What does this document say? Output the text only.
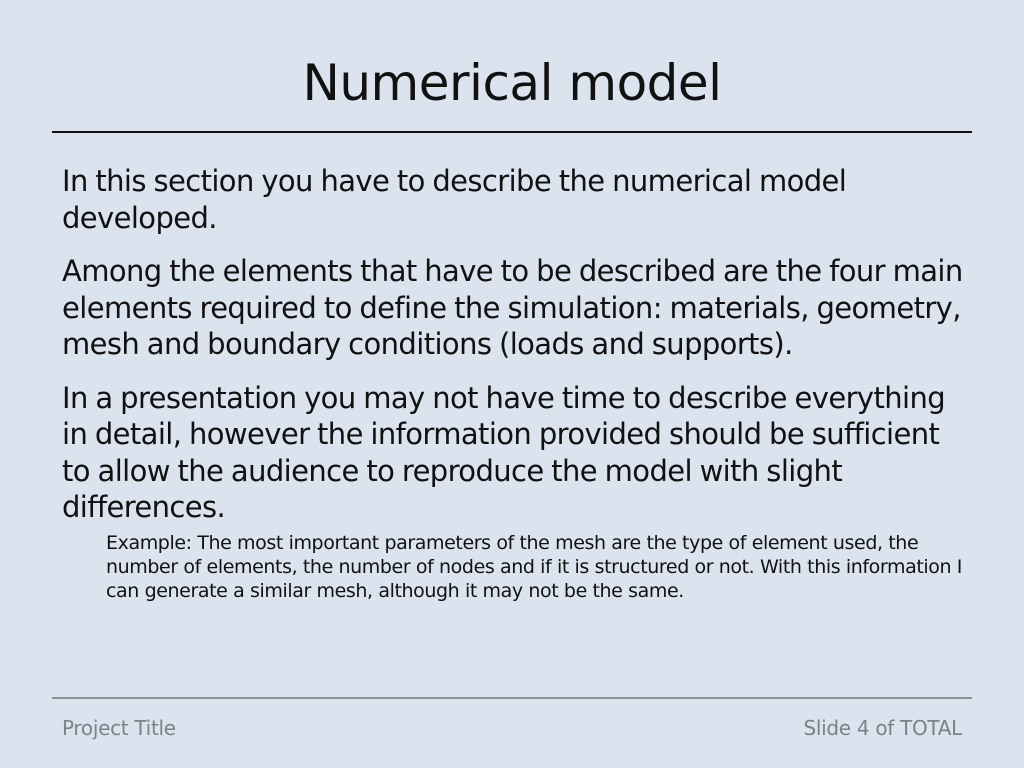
Numerical model

In this section you have to describe the numerical model developed.

Among the elements that have to be described are the four main elements required to define the simulation: materials, geometry, mesh and boundary conditions (loads and supports).

In a presentation you may not have time to describe everything in detail, however the information provided should be sufficient to allow the audience to reproduce the model with slight differences.

Example: The most important parameters of the mesh are the type of element used, the number of elements, the number of nodes and if it is structured or not. With this information I can generate a similar mesh, although it may not be the same.

Project Title	Slide 4 of TOTAL
